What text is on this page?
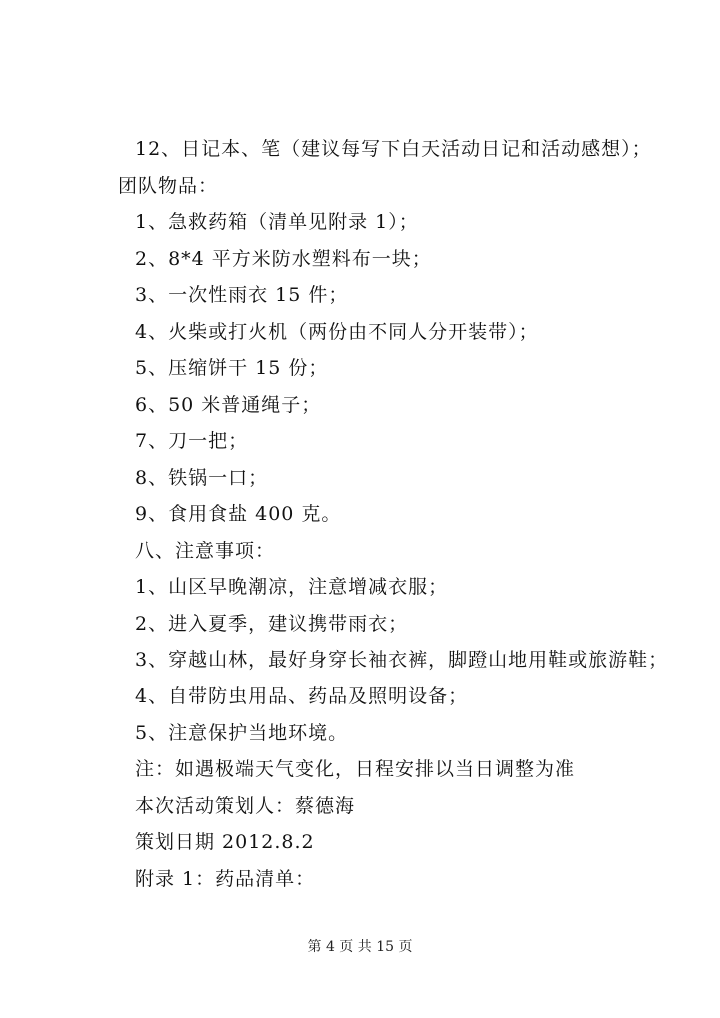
12、日记本、笔（建议每写下白天活动日记和活动感想）；
团队物品：
1、急救药箱（清单见附录 1）；
2、8*4 平方米防水塑料布一块；
3、一次性雨衣 15 件；
4、火柴或打火机（两份由不同人分开装带）；
5、压缩饼干 15 份；
6、50 米普通绳子；
7、刀一把；
8、铁锅一口；
9、食用食盐 400 克。
八、注意事项：
1、山区早晚潮凉，注意增减衣服；
2、进入夏季，建议携带雨衣；
3、穿越山林，最好身穿长袖衣裤，脚蹬山地用鞋或旅游鞋；
4、自带防虫用品、药品及照明设备；
5、注意保护当地环境。
注：如遇极端天气变化，日程安排以当日调整为准
本次活动策划人：蔡德海
策划日期 2012.8.2
附录 1：药品清单：
第 4 页 共 15 页
